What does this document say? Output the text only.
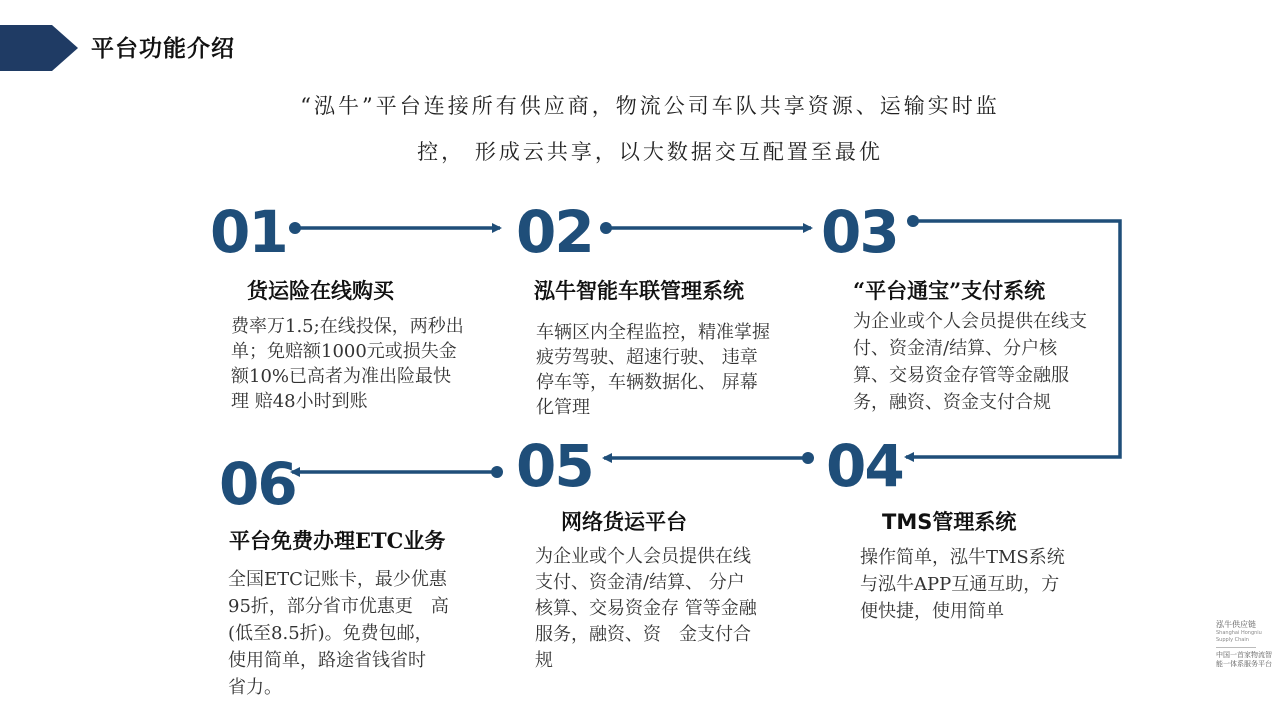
平台功能介绍
“泓牛”平台连接所有供应商，物流公司车队共享资源、运输实时监
控， 形成云共享，以大数据交互配置至最优
01
货运险在线购买
费率万1.5;在线投保，两秒出单；免赔额1000元或损失金额10%已高者为准出险最快理 赔48小时到账
02
泓牛智能车联管理系统
车辆区内全程监控，精准掌握疲劳驾驶、超速行驶、 违章停车等，车辆数据化、 屏幕化管理
03
“平台通宝”支付系统
为企业或个人会员提供在线支付、资金清/结算、分户核算、交易资金存管等金融服务，融资、资金支付合规
04
TMS管理系统
操作简单，泓牛TMS系统　 与泓牛APP互通互助，方　便快捷，使用简单
05
网络货运平台
为企业或个人会员提供在线支付、资金清/结算、 分户核算、交易资金存 管等金融服务，融资、资　金支付合规
06
平台免费办理ETC业务
全国ETC记账卡，最少优惠95折，部分省市优惠更　高(低至8.5折)。免费包邮，　使用简单，路途省钱省时　省力。
泓牛供应链
Shanghai Hongniu Supply Chain
中国一首家物流智能一体系服务平台
